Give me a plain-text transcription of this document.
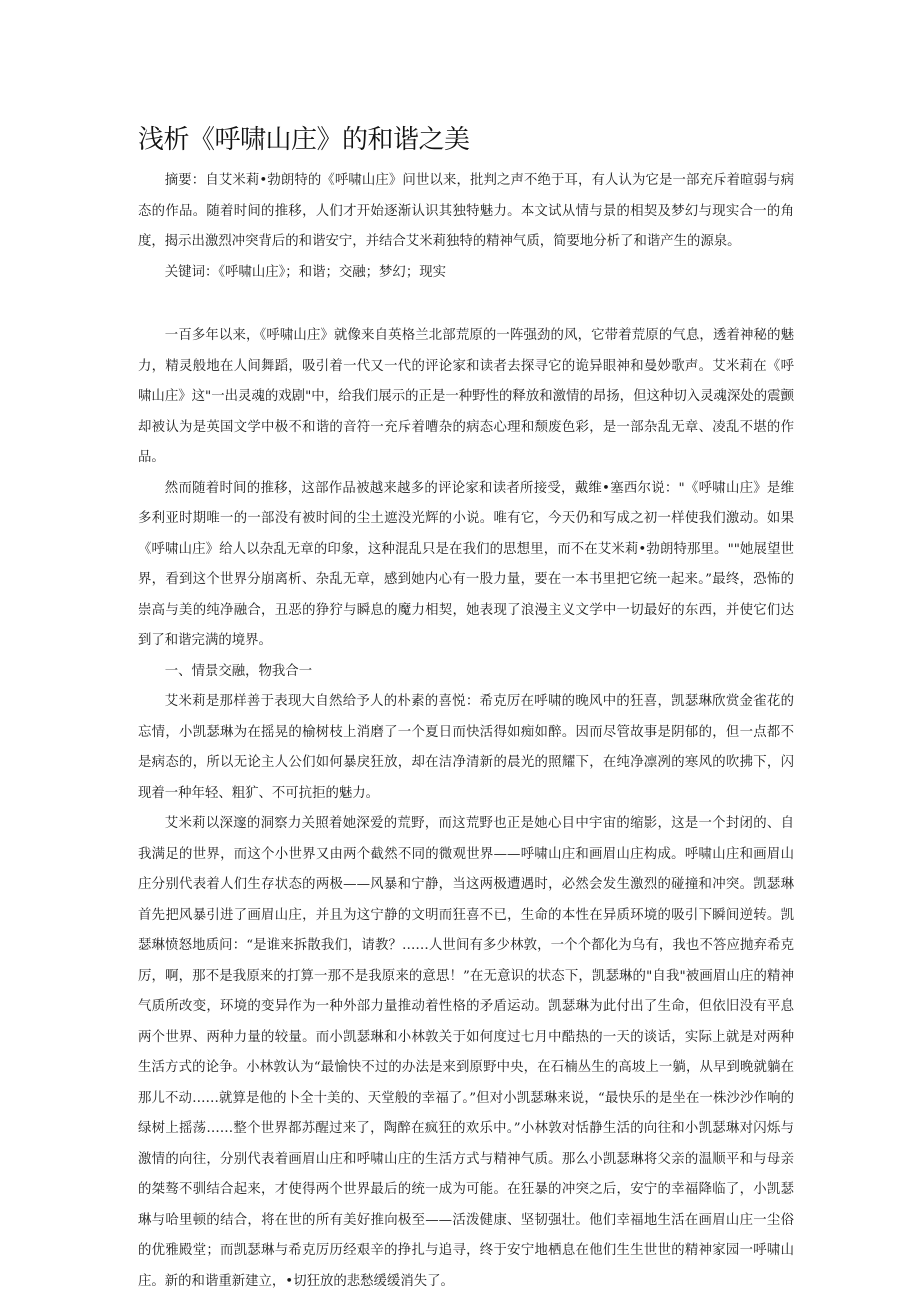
浅析《呼啸山庄》的和谐之美

摘要：自艾米莉•勃朗特的《呼啸山庄》问世以来，批判之声不绝于耳，有人认为它是一部充斥着暄弱与病态的作品。随着时间的推移，人们才开始逐渐认识其独特魅力。本文试从情与景的相契及梦幻与现实合一的角度，揭示出激烈冲突背后的和谐安宁，并结合艾米莉独特的精神气质，简要地分析了和谐产生的源泉。

关键词：《呼啸山庄》；和谐；交融；梦幻；现实

一百多年以来，《呼啸山庄》就像来自英格兰北部荒原的一阵强劲的风，它带着荒原的气息，透着神秘的魅力，精灵般地在人间舞蹈，吸引着一代又一代的评论家和读者去探寻它的诡异眼神和曼妙歌声。艾米莉在《呼啸山庄》这"一出灵魂的戏剧"中，给我们展示的正是一种野性的释放和激情的昂扬，但这种切入灵魂深处的震颤却被认为是英国文学中极不和谐的音符一充斥着嘈杂的病态心理和颓废色彩，是一部杂乱无章、凌乱不堪的作品。

然而随着时间的推移，这部作品被越来越多的评论家和读者所接受，戴维•塞西尔说："《呼啸山庄》是维多利亚时期唯一的一部没有被时间的尘土遮没光辉的小说。唯有它，今天仍和写成之初一样使我们激动。如果《呼啸山庄》给人以杂乱无章的印象，这种混乱只是在我们的思想里，而不在艾米莉•勃朗特那里。""她展望世界，看到这个世界分崩离析、杂乱无章，感到她内心有一股力量，要在一本书里把它统一起来。”最终，恐怖的崇高与美的纯净融合，丑恶的狰狞与瞬息的魔力相契，她表现了浪漫主义文学中一切最好的东西，并使它们达到了和谐完满的境界。

一、情景交融，物我合一

艾米莉是那样善于表现大自然给予人的朴素的喜悦：希克厉在呼啸的晚风中的狂喜，凯瑟琳欣赏金雀花的忘情，小凯瑟琳为在摇晃的榆树枝上消磨了一个夏日而快活得如痴如醉。因而尽管故事是阴郁的，但一点都不是病态的，所以无论主人公们如何暴戾狂放，却在洁净清新的晨光的照耀下，在纯净凛冽的寒风的吹拂下，闪现着一种年轻、粗犷、不可抗拒的魅力。

艾米莉以深邃的洞察力关照着她深爱的荒野，而这荒野也正是她心目中宇宙的缩影，这是一个封闭的、自我满足的世界，而这个小世界又由两个截然不同的微观世界——呼啸山庄和画眉山庄构成。呼啸山庄和画眉山庄分别代表着人们生存状态的两极——风暴和宁静，当这两极遭遇时，必然会发生激烈的碰撞和冲突。凯瑟琳首先把风暴引进了画眉山庄，并且为这宁静的文明而狂喜不已，生命的本性在异质环境的吸引下瞬间逆转。凯瑟琳愤怒地质问：“是谁来拆散我们，请教？……人世间有多少林敦，一个个都化为乌有，我也不答应抛弃希克厉，啊，那不是我原来的打算一那不是我原来的意思！”在无意识的状态下，凯瑟琳的"自我"被画眉山庄的精神气质所改变，环境的变异作为一种外部力量推动着性格的矛盾运动。凯瑟琳为此付出了生命，但依旧没有平息两个世界、两种力量的较量。而小凯瑟琳和小林敦关于如何度过七月中酷热的一天的谈话，实际上就是对两种生活方式的论争。小林敦认为“最愉快不过的办法是来到原野中央，在石楠丛生的高坡上一躺，从早到晚就躺在那儿不动……就算是他的卜全十美的、天堂般的幸福了。”但对小凯瑟琳来说，“最快乐的是坐在一株沙沙作响的绿树上摇荡……整个世界都苏醒过来了，陶醉在疯狂的欢乐中。”小林敦对恬静生活的向往和小凯瑟琳对闪烁与激情的向往，分别代表着画眉山庄和呼啸山庄的生活方式与精神气质。那么小凯瑟琳将父亲的温顺平和与母亲的桀骜不驯结合起来，才使得两个世界最后的统一成为可能。在狂暴的冲突之后，安宁的幸福降临了，小凯瑟琳与哈里顿的结合，将在世的所有美好推向极至——活泼健康、坚韧强壮。他们幸福地生活在画眉山庄一尘俗的优雅殿堂；而凯瑟琳与希克厉历经艰辛的挣扎与追寻，终于安宁地栖息在他们生生世世的精神家园一呼啸山庄。新的和谐重新建立，•切狂放的悲愁缓缓消失了。
